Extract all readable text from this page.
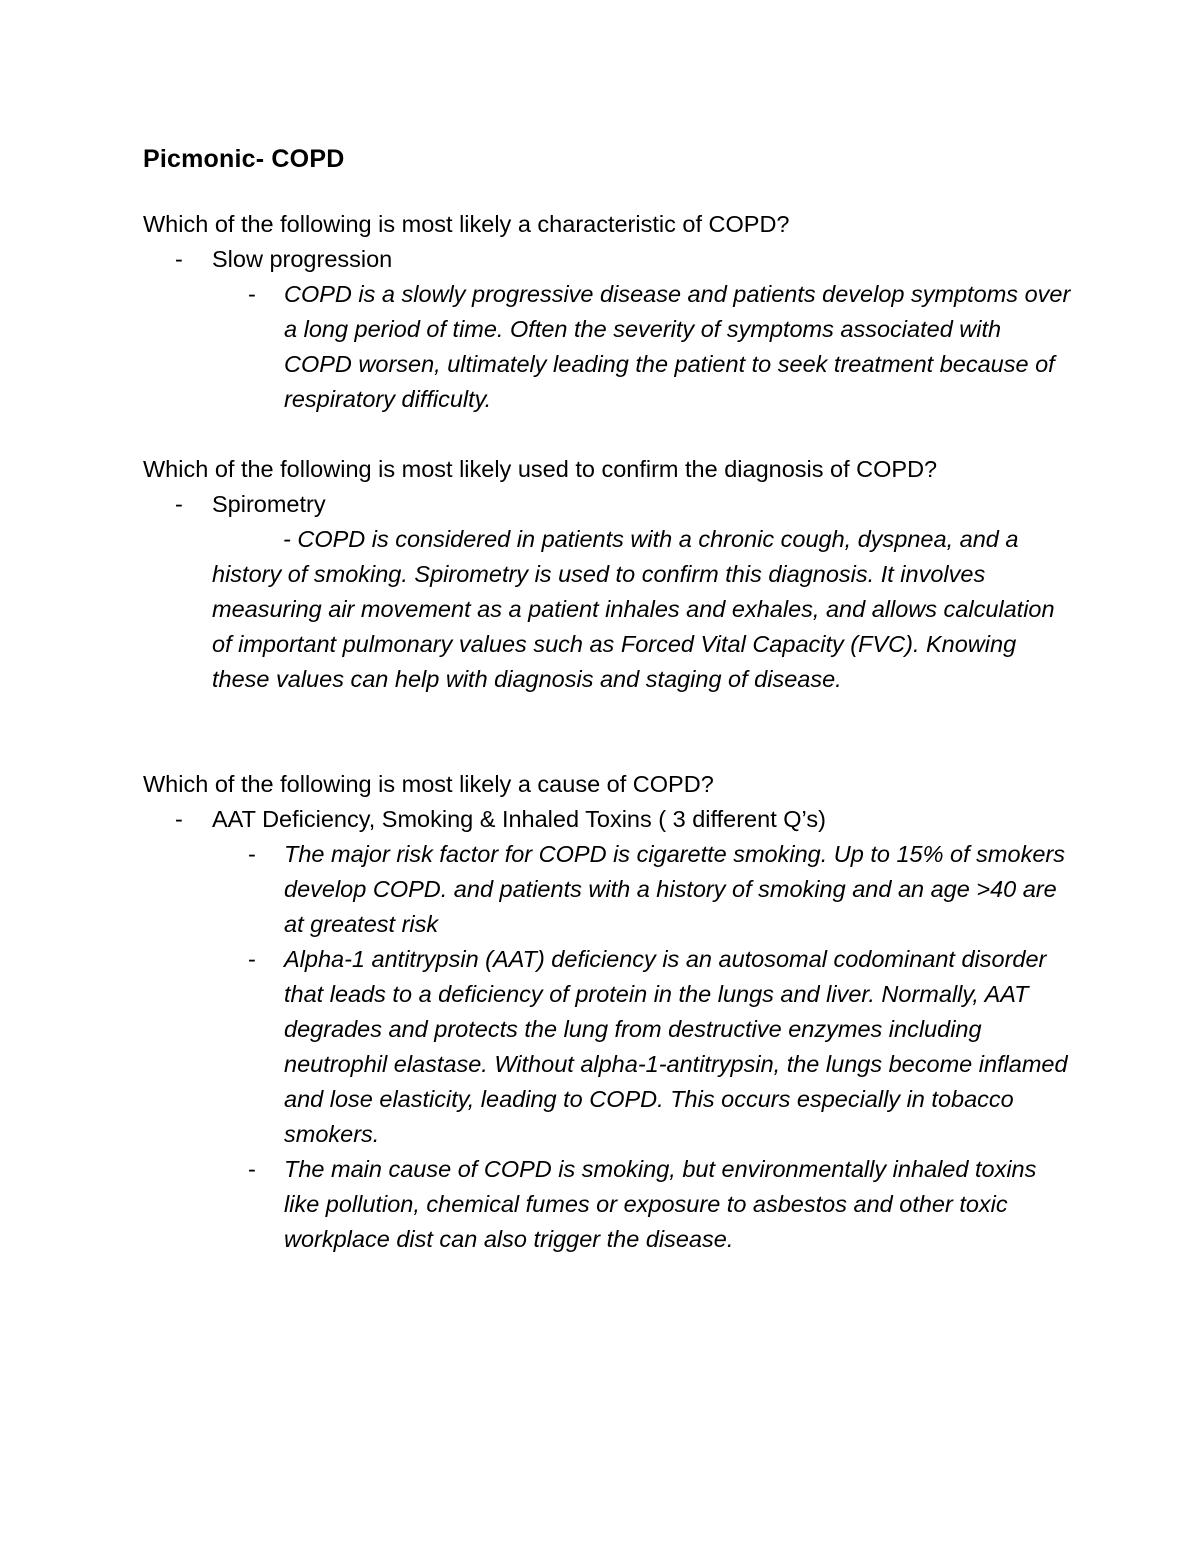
Picmonic- COPD

Which of the following is most likely a characteristic of COPD?

- Slow progression

- COPD is a slowly progressive disease and patients develop symptoms over a long period of time. Often the severity of symptoms associated with COPD worsen, ultimately leading the patient to seek treatment because of respiratory difficulty.

Which of the following is most likely used to confirm the diagnosis of COPD?

- Spirometry

- COPD is considered in patients with a chronic cough, dyspnea, and a history of smoking. Spirometry is used to confirm this diagnosis. It involves measuring air movement as a patient inhales and exhales, and allows calculation of important pulmonary values such as Forced Vital Capacity (FVC). Knowing these values can help with diagnosis and staging of disease.

Which of the following is most likely a cause of COPD?

- AAT Deficiency, Smoking & Inhaled Toxins ( 3 different Q’s)

- The major risk factor for COPD is cigarette smoking. Up to 15% of smokers develop COPD. and patients with a history of smoking and an age >40 are at greatest risk

- Alpha-1 antitrypsin (AAT) deficiency is an autosomal codominant disorder that leads to a deficiency of protein in the lungs and liver. Normally, AAT degrades and protects the lung from destructive enzymes including neutrophil elastase. Without alpha-1-antitrypsin, the lungs become inflamed and lose elasticity, leading to COPD. This occurs especially in tobacco smokers.

- The main cause of COPD is smoking, but environmentally inhaled toxins like pollution, chemical fumes or exposure to asbestos and other toxic workplace dist can also trigger the disease.
